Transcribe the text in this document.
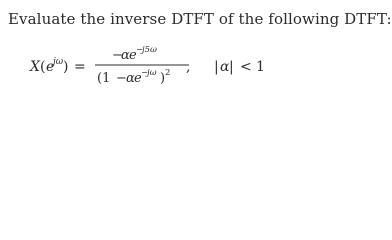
Evaluate the inverse DTFT of the following DTFT:
X ( e
jω ) =
−
α e −
j5ω
(1 − α e −
jω ) 2 , | α | < 1
